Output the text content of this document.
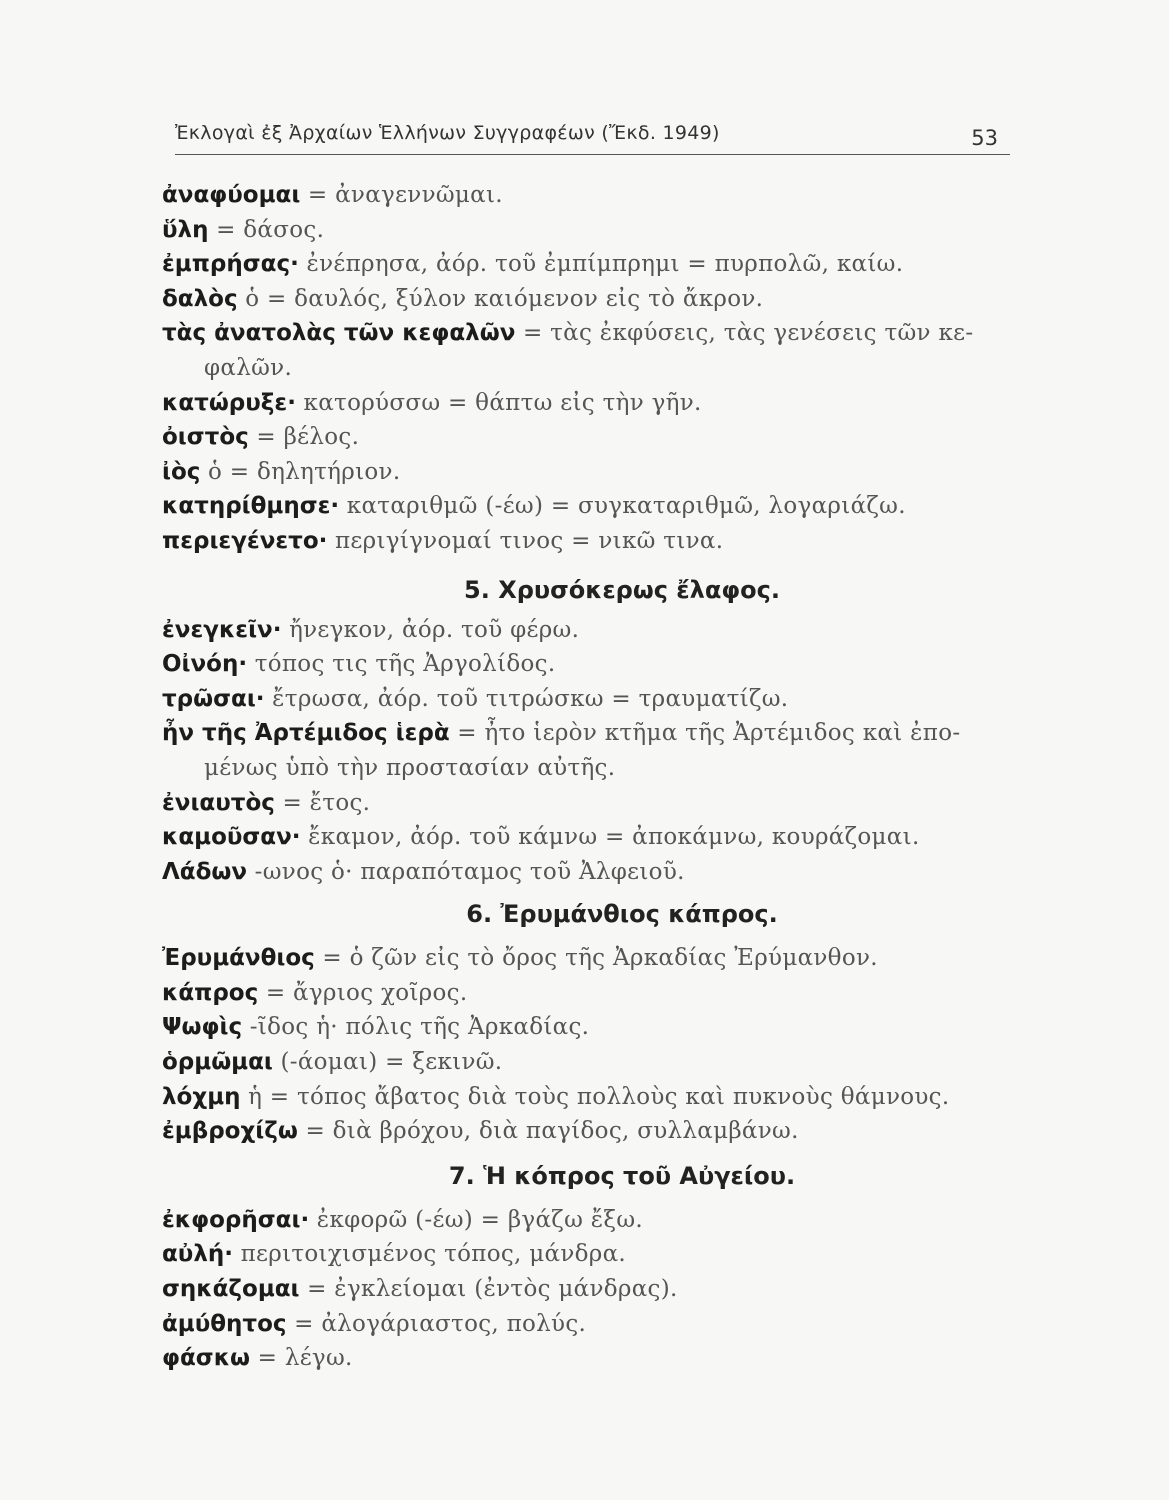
Ἐκλογαὶ ἐξ Ἀρχαίων Ἑλλήνων Συγγραφέων (Ἔκδ. 1949)	53
ἀναφύομαι = ἀναγεννῶμαι.
ὕλη = δάσος.
ἐμπρήσας· ἐνέπρησα, ἀόρ. τοῦ ἐμπίμπρημι = πυρπολῶ, καίω.
δαλὸς ὁ = δαυλός, ξύλον καιόμενον εἰς τὸ ἄκρον.
τὰς ἀνατολὰς τῶν κεφαλῶν = τὰς ἐκφύσεις, τὰς γενέσεις τῶν κε-
φαλῶν.
κατώρυξε· κατορύσσω = θάπτω εἰς τὴν γῆν.
ὀιστὸς = βέλος.
ἰὸς ὁ = δηλητήριον.
κατηρίθμησε· καταριθμῶ (-έω) = συγκαταριθμῶ, λογαριάζω.
περιεγένετο· περιγίγνομαί τινος = νικῶ τινα.
5. Χρυσόκερως ἔλαφος.
ἐνεγκεῖν· ἤνεγκον, ἀόρ. τοῦ φέρω.
Οἰνόη· τόπος τις τῆς Ἀργολίδος.
τρῶσαι· ἔτρωσα, ἀόρ. τοῦ τιτρώσκω = τραυματίζω.
ἦν τῆς Ἀρτέμιδος ἱερὰ = ἦτο ἱερὸν κτῆμα τῆς Ἀρτέμιδος καὶ ἐπο-
μένως ὑπὸ τὴν προστασίαν αὐτῆς.
ἐνιαυτὸς = ἔτος.
καμοῦσαν· ἔκαμον, ἀόρ. τοῦ κάμνω = ἀποκάμνω, κουράζομαι.
Λάδων -ωνος ὁ· παραπόταμος τοῦ Ἀλφειοῦ.
6. Ἐρυμάνθιος κάπρος.
Ἐρυμάνθιος = ὁ ζῶν εἰς τὸ ὄρος τῆς Ἀρκαδίας Ἐρύμανθον.
κάπρος = ἄγριος χοῖρος.
Ψωφὶς -ῖδος ἡ· πόλις τῆς Ἀρκαδίας.
ὁρμῶμαι (-άομαι) = ξεκινῶ.
λόχμη ἡ = τόπος ἄβατος διὰ τοὺς πολλοὺς καὶ πυκνοὺς θάμνους.
ἐμβροχίζω = διὰ βρόχου, διὰ παγίδος, συλλαμβάνω.
7. Ἡ κόπρος τοῦ Αὐγείου.
ἐκφορῆσαι· ἐκφορῶ (-έω) = βγάζω ἔξω.
αὐλή· περιτοιχισμένος τόπος, μάνδρα.
σηκάζομαι = ἐγκλείομαι (ἐντὸς μάνδρας).
ἀμύθητος = ἀλογάριαστος, πολύς.
φάσκω = λέγω.
